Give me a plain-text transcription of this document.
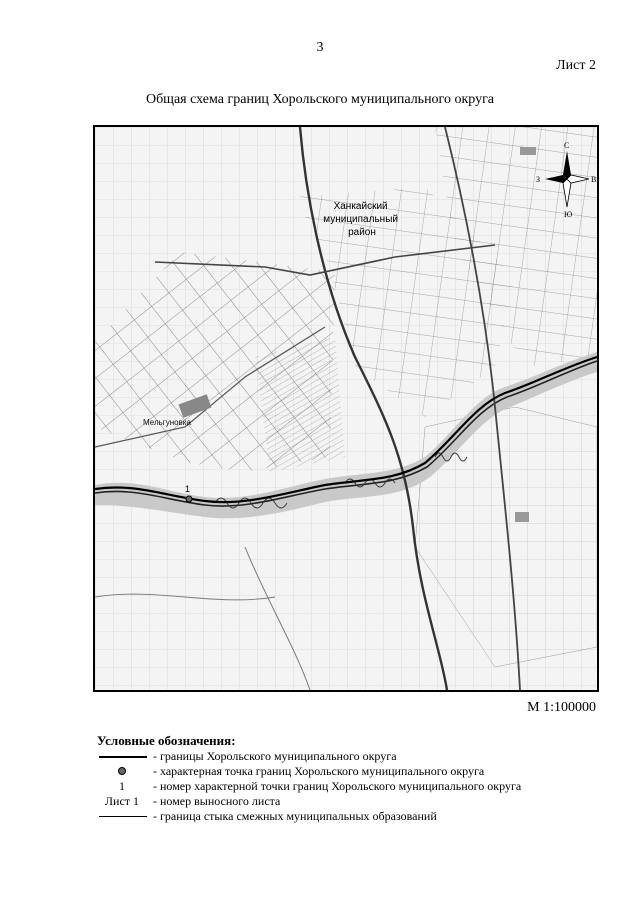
3
Лист 2
Общая схема границ Хорольского муниципального округа
Мельгуновка
1
Ханкайский муниципальный район
С
Ю
З	В
М 1:100000
Условные обозначения:
- границы Хорольского муниципального округа
- характерная точка границ Хорольского муниципального округа
1	- номер характерной точки границ Хорольского муниципального округа
Лист 1	- номер выносного листа
- граница стыка смежных муниципальных образований
